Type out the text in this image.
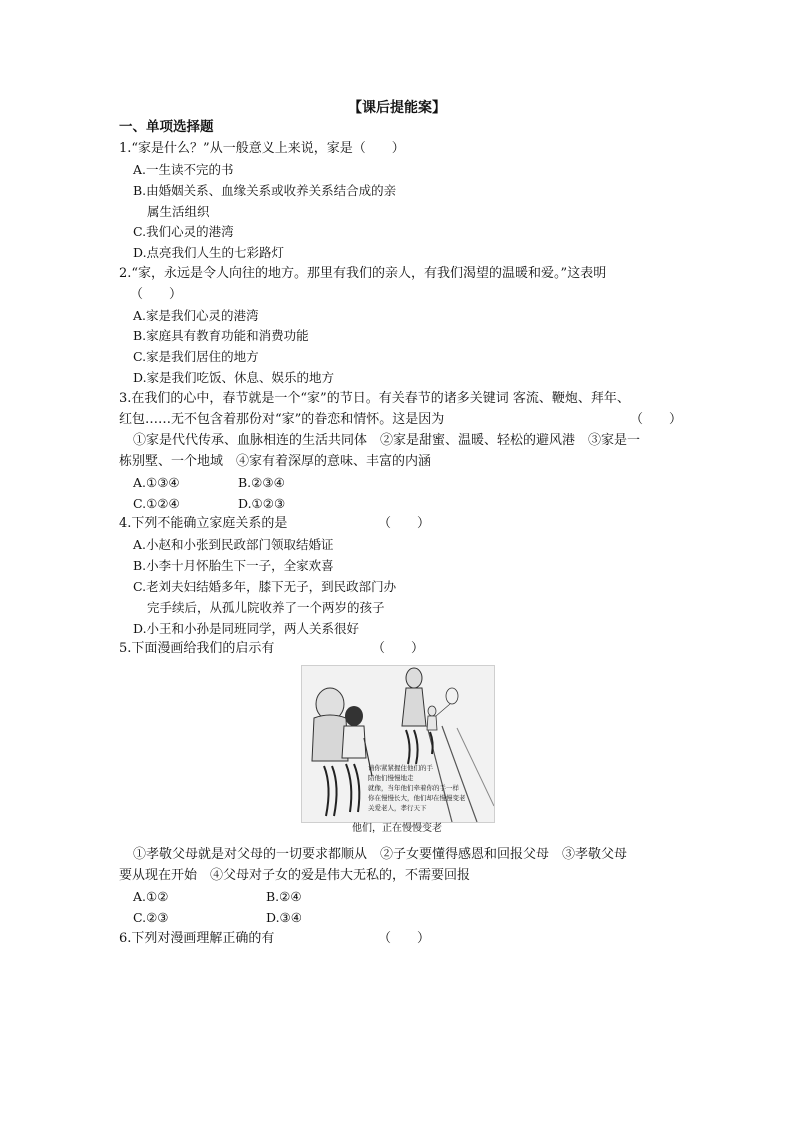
【课后提能案】
一、单项选择题
1.“家是什么？”从一般意义上来说，家是（　　）
A.一生读不完的书
B.由婚姻关系、血缘关系或收养关系结合成的亲
属生活组织
C.我们心灵的港湾
D.点亮我们人生的七彩路灯
2.“家，永远是令人向往的地方。那里有我们的亲人，有我们渴望的温暖和爱。”这表明
（　　）
A.家是我们心灵的港湾
B.家庭具有教育功能和消费功能
C.家是我们居住的地方
D.家是我们吃饭、休息、娱乐的地方
3.在我们的心中，春节就是一个“家”的节日。有关春节的诸多关键词 客流、鞭炮、拜年、
红包……无不包含着那份对“家”的眷恋和情怀。这是因为	（　　）
①家是代代传承、血脉相连的生活共同体　②家是甜蜜、温暖、轻松的避风港　③家是一
栋别墅、一个地域　④家有着深厚的意味、丰富的内涵
A.①③④	B.②③④
C.①②④	D.①②③
4.下列不能确立家庭关系的是	（　　）
A.小赵和小张到民政部门领取结婚证
B.小李十月怀胎生下一子，全家欢喜
C.老刘夫妇结婚多年，膝下无子，到民政部门办
完手续后，从孤儿院收养了一个两岁的孩子
D.小王和小孙是同班同学，两人关系很好
5.下面漫画给我们的启示有	（　　）
请你紧紧握住他们的手
陪他们慢慢地走
就像，当年他们牵着你的手一样
你在慢慢长大，他们却在慢慢变老
关爱老人，孝行天下
他们，正在慢慢变老
①孝敬父母就是对父母的一切要求都顺从　②子女要懂得感恩和回报父母　③孝敬父母
要从现在开始　④父母对子女的爱是伟大无私的，不需要回报
A.①②	B.②④
C.②③	D.③④
6.下列对漫画理解正确的有	（　　）
